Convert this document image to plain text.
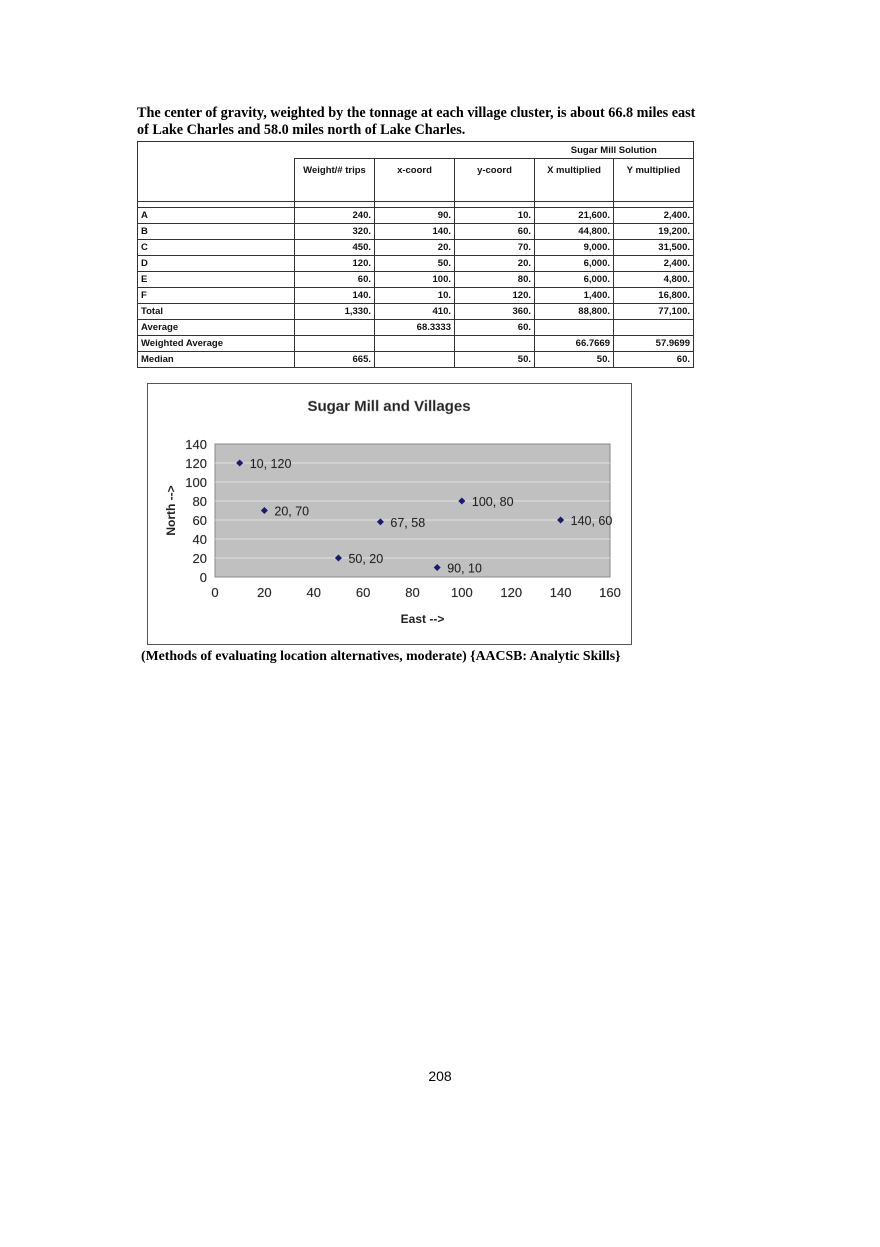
The center of gravity, weighted by the tonnage at each village cluster, is about 66.8 miles east

of Lake Charles and 58.0 miles north of Lake Charles.

				Sugar Mill Solution	
	Weight/# trips	x-coord	y-coord	X multiplied	Y multiplied

A	240.	90.	10.	21,600.	2,400.
B	320.	140.	60.	44,800.	19,200.
C	450.	20.	70.	9,000.	31,500.
D	120.	50.	20.	6,000.	2,400.
E	60.	100.	80.	6,000.	4,800.
F	140.	10.	120.	1,400.	16,800.
Total	1,330.	410.	360.	88,800.	77,100.
Average		68.3333	60.		
Weighted Average				66.7669	57.9699
Median	665.		50.	50.	60.
Sugar Mill and Villages
0
20
40
60
80
100
120
140
0	20	40	60	80 100 120 140 160
East -->
North -->
10, 120
20, 70
67, 58
50, 20
90, 10
100, 80
140, 60
(Methods of evaluating location alternatives, moderate) {AACSB: Analytic Skills}
208
